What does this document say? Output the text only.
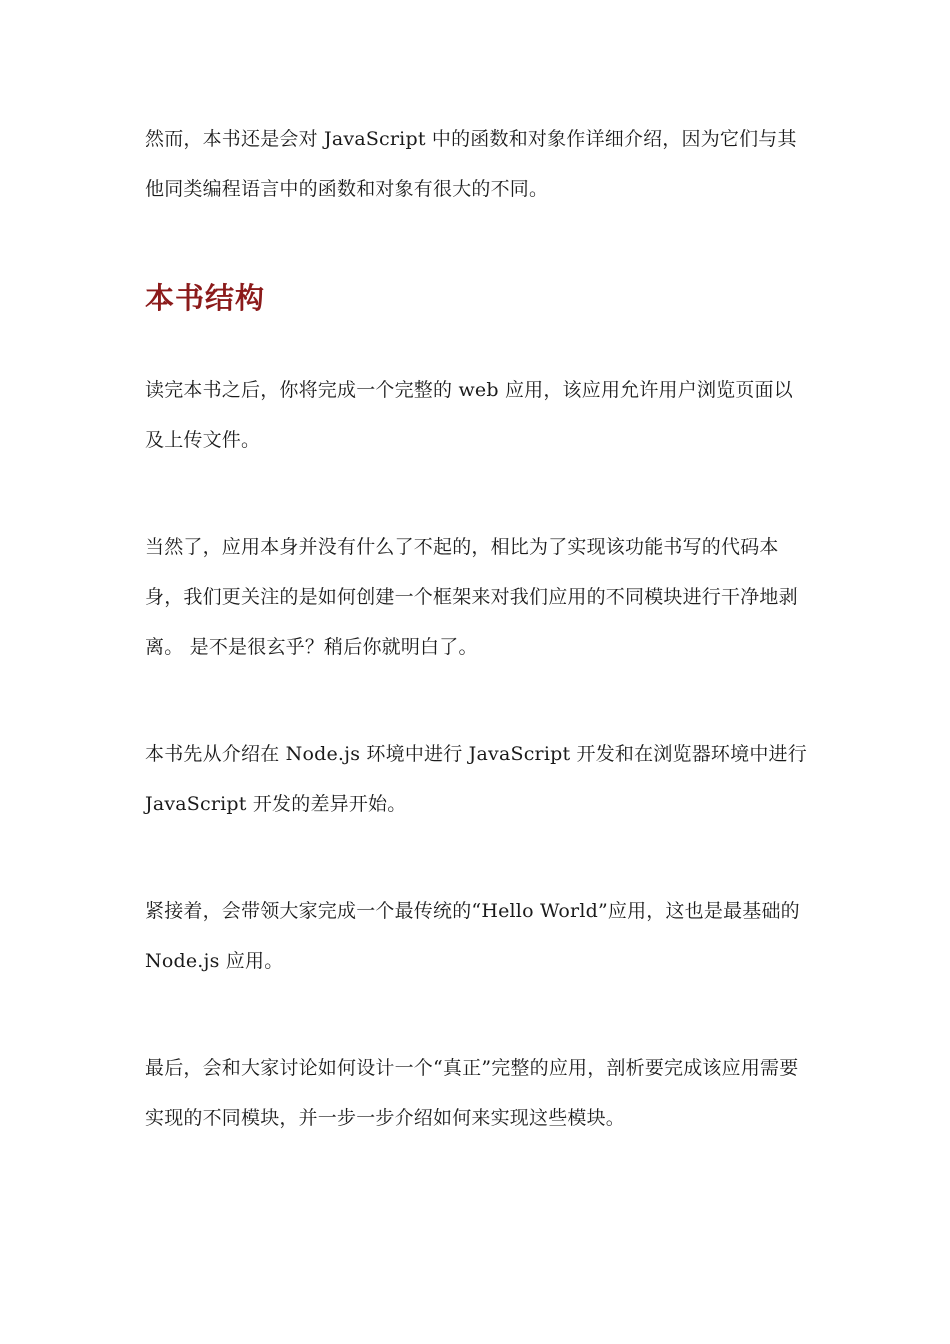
然而，本书还是会对 JavaScript 中的函数和对象作详细介绍，因为它们与其他同类编程语言中的函数和对象有很大的不同。

本书结构

读完本书之后，你将完成一个完整的 web 应用，该应用允许用户浏览页面以及上传文件。

当然了，应用本身并没有什么了不起的，相比为了实现该功能书写的代码本身，我们更关注的是如何创建一个框架来对我们应用的不同模块进行干净地剥离。 是不是很玄乎？稍后你就明白了。

本书先从介绍在 Node.js 环境中进行 JavaScript 开发和在浏览器环境中进行 JavaScript 开发的差异开始。

紧接着，会带领大家完成一个最传统的“Hello World”应用，这也是最基础的 Node.js 应用。

最后，会和大家讨论如何设计一个“真正”完整的应用，剖析要完成该应用需要实现的不同模块，并一步一步介绍如何来实现这些模块。
